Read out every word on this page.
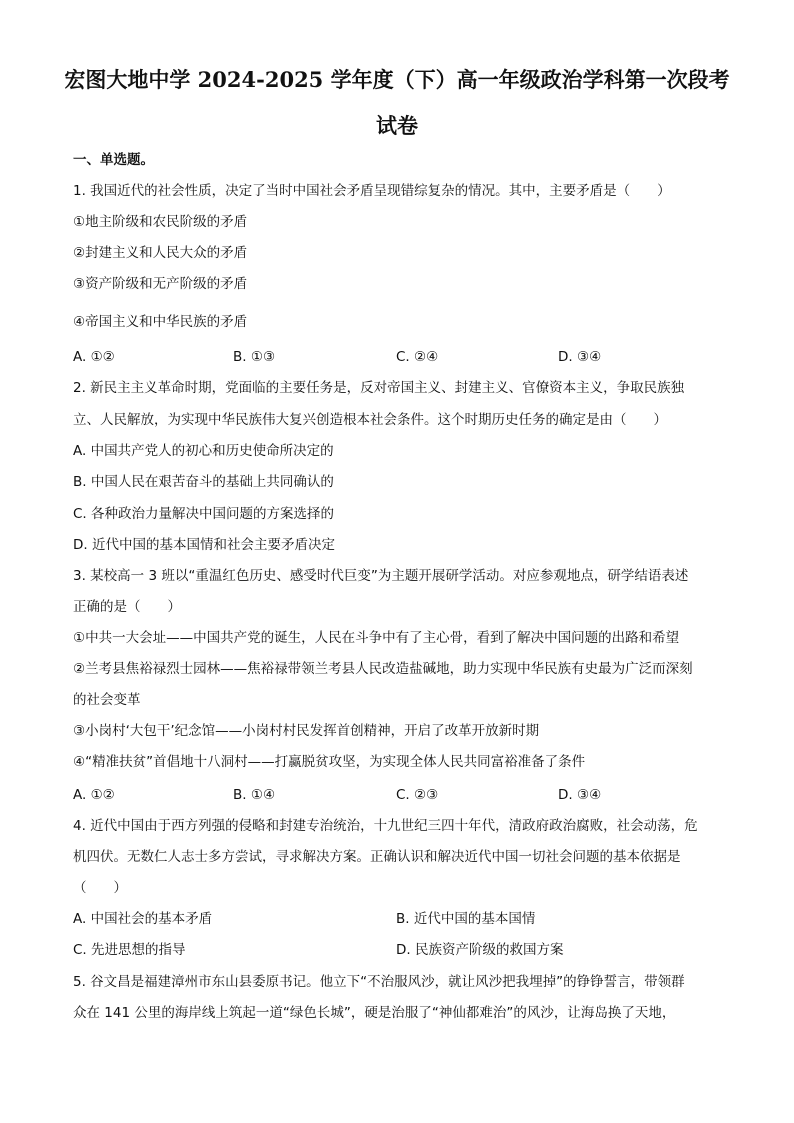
宏图大地中学 2024-2025 学年度（下）高一年级政治学科第一次段考
试卷
一、单选题。
1. 我国近代的社会性质，决定了当时中国社会矛盾呈现错综复杂的情况。其中，主要矛盾是（　　）
①地主阶级和农民阶级的矛盾
②封建主义和人民大众的矛盾
③资产阶级和无产阶级的矛盾
④帝国主义和中华民族的矛盾
A. ①②	B. ①③	C. ②④	D. ③④
2. 新民主主义革命时期，党面临的主要任务是，反对帝国主义、封建主义、官僚资本主义，争取民族独
立、人民解放，为实现中华民族伟大复兴创造根本社会条件。这个时期历史任务的确定是由（　　）
A. 中国共产党人的初心和历史使命所决定的
B. 中国人民在艰苦奋斗的基础上共同确认的
C. 各种政治力量解决中国问题的方案选择的
D. 近代中国的基本国情和社会主要矛盾决定
3. 某校高一 3 班以“重温红色历史、感受时代巨变”为主题开展研学活动。对应参观地点，研学结语表述
正确的是（　　）
①中共一大会址——中国共产党的诞生，人民在斗争中有了主心骨，看到了解决中国问题的出路和希望
②兰考县焦裕禄烈士园林——焦裕禄带领兰考县人民改造盐碱地，助力实现中华民族有史最为广泛而深刻
的社会变革
③小岗村‘大包干’纪念馆——小岗村村民发挥首创精神，开启了改革开放新时期
④“精准扶贫”首倡地十八洞村——打赢脱贫攻坚，为实现全体人民共同富裕准备了条件
A. ①②	B. ①④	C. ②③	D. ③④
4. 近代中国由于西方列强的侵略和封建专治统治，十九世纪三四十年代，清政府政治腐败，社会动荡，危
机四伏。无数仁人志士多方尝试，寻求解决方案。正确认识和解决近代中国一切社会问题的基本依据是
（　　）
A. 中国社会的基本矛盾	B. 近代中国的基本国情
C. 先进思想的指导	D. 民族资产阶级的救国方案
5. 谷文昌是福建漳州市东山县委原书记。他立下“不治服风沙，就让风沙把我埋掉”的铮铮誓言，带领群
众在 141 公里的海岸线上筑起一道“绿色长城”，硬是治服了“神仙都难治”的风沙，让海岛换了天地，
